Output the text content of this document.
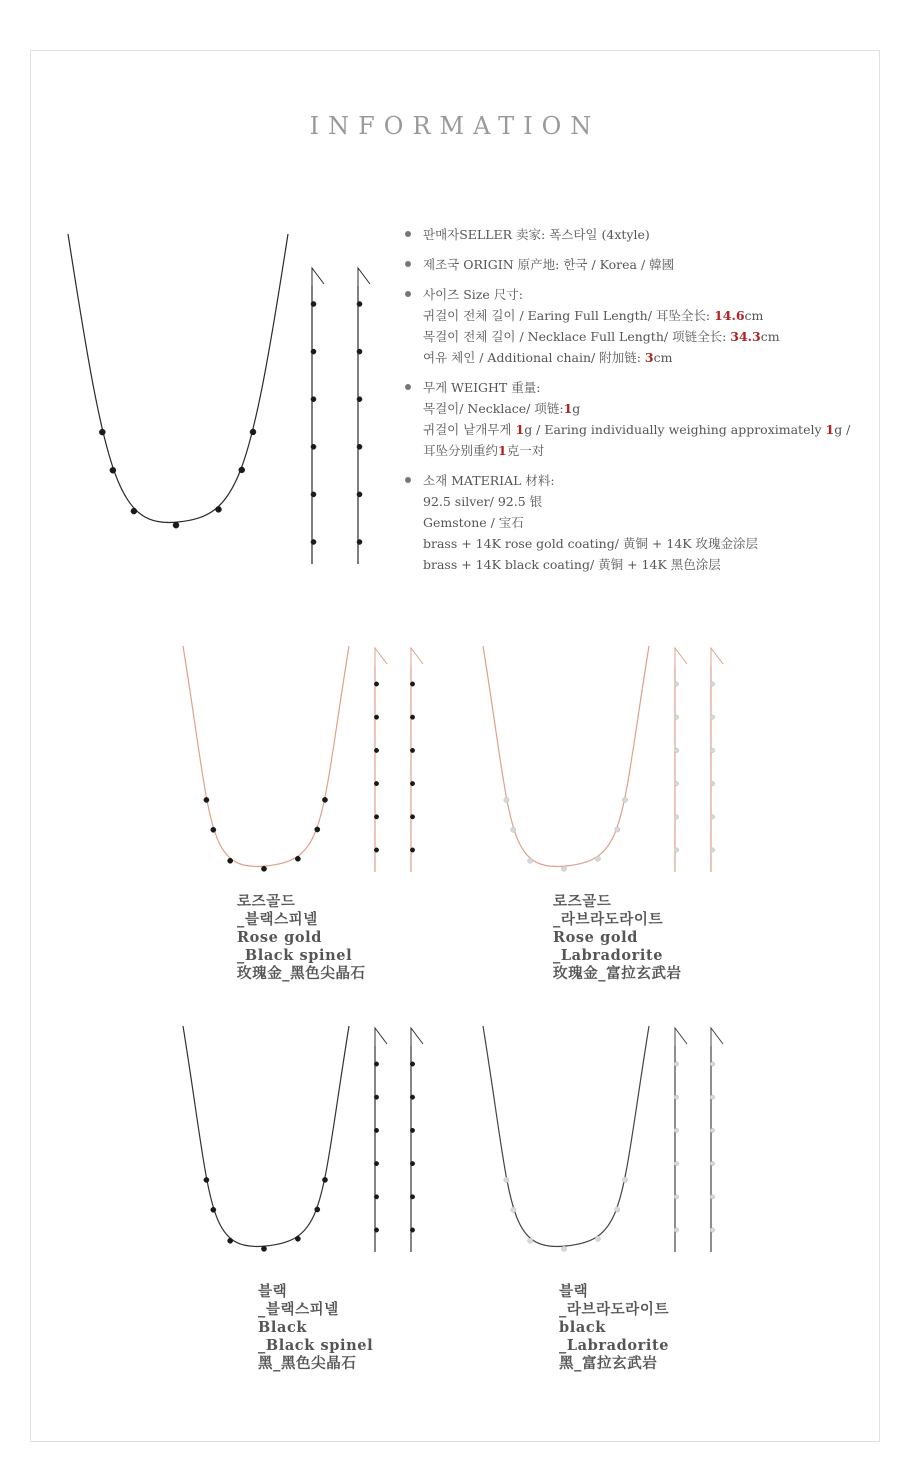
INFORMATION
판매자SELLER 卖家: 폭스타일 (4xtyle)
제조국 ORIGIN 原产地: 한국 / Korea / 韓國
사이즈 Size 尺寸:
귀걸이 전체 길이 / Earing Full Length/ 耳坠全长: 14.6cm
목걸이 전체 길이 / Necklace Full Length/ 项链全长: 34.3cm
여유 체인 / Additional chain/ 附加链: 3cm
무게 WEIGHT 重量:
목걸이/ Necklace/ 项链:1g
귀걸이 낱개무게 1g / Earing individually weighing approximately 1g /
耳坠分别重约1克一对
소재 MATERIAL 材料:
92.5 silver/ 92.5 银
Gemstone / 宝石
brass + 14K rose gold coating/ 黄铜 + 14K 玫瑰金涂层
brass + 14K black coating/ 黄铜 + 14K 黑色涂层
로즈골드
_블랙스피넬
Rose gold
_Black spinel
玫瑰金_黑色尖晶石
로즈골드
_라브라도라이트
Rose gold
_Labradorite
玫瑰金_富拉玄武岩
블랙
_블랙스피넬
Black
_Black spinel
黑_黑色尖晶石
블랙
_라브라도라이트
black
_Labradorite
黑_富拉玄武岩
